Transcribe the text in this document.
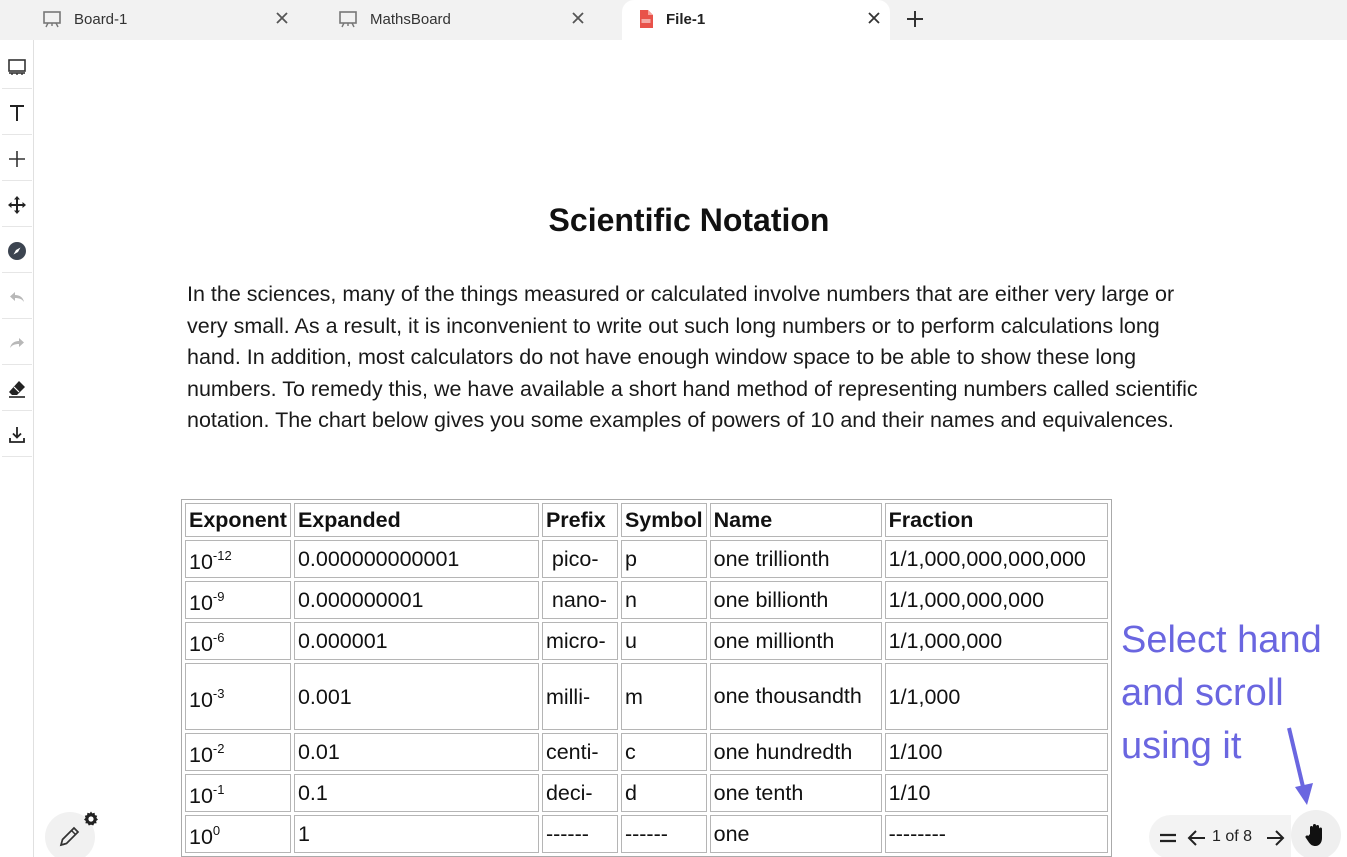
Board-1	MathsBoard	File-1
Scientific Notation
In the sciences, many of the things measured or calculated involve numbers that are either very large or very small. As a result, it is inconvenient to write out such long numbers or to perform calculations long hand. In addition, most calculators do not have enough window space to be able to show these long numbers. To remedy this, we have available a short hand method of representing numbers called scientific notation. The chart below gives you some examples of powers of 10 and their names and equivalences.
Exponent	Expanded	Prefix	Symbol	Name	Fraction
$10^{-12}$	0.000000000001	pico-	p	one trillionth	1/1,000,000,000,000
$10^{-9}$	0.000000001	nano-	n	one billionth	1/1,000,000,000
$10^{-6}$	0.000001	micro-	u	one millionth	1/1,000,000
$10^{-3}$	0.001	milli-	m	one thousandth	1/1,000
$10^{-2}$	0.01	centi-	c	one hundredth	1/100
$10^{-1}$	0.1	deci-	d	one tenth	1/10
$10^0$	1	------	------	one	--------
Select hand and scroll using it
1 of 8
